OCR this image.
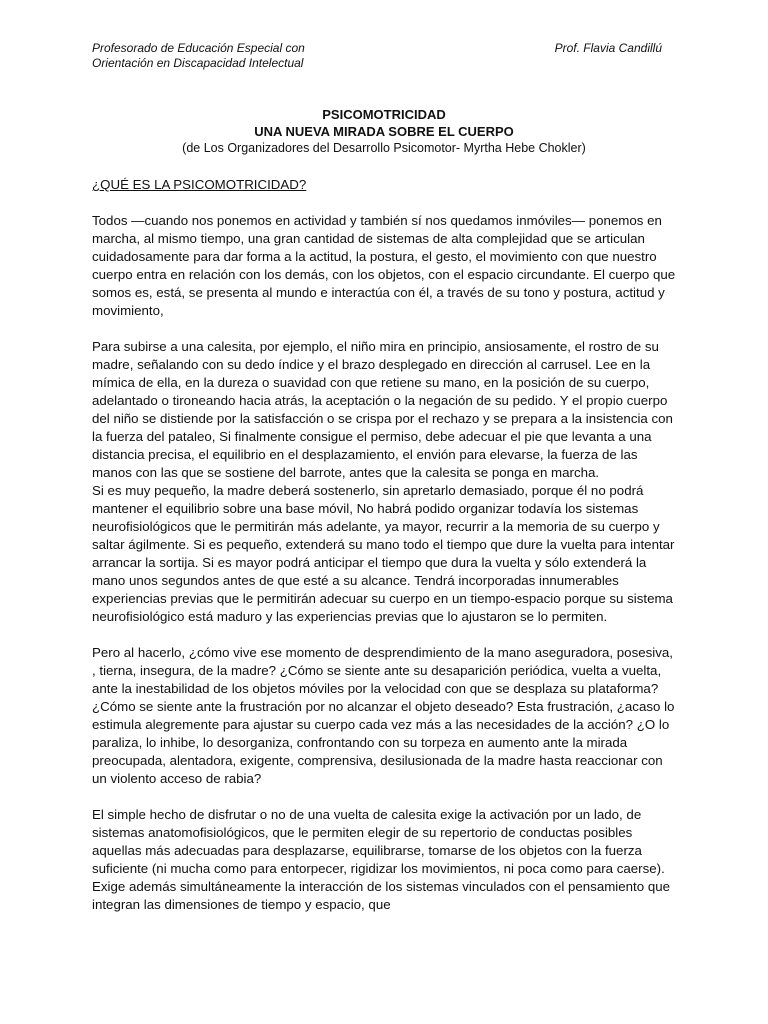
Profesorado de Educación Especial con
Orientación en Discapacidad Intelectual
Prof. Flavia Candillú
PSICOMOTRICIDAD
UNA NUEVA MIRADA SOBRE EL CUERPO
(de Los Organizadores del Desarrollo Psicomotor- Myrtha Hebe Chokler)
¿QUÉ ES LA PSICOMOTRICIDAD?

Todos —cuando nos ponemos en actividad y también sí nos quedamos inmóviles— ponemos en marcha, al mismo tiempo, una gran cantidad de sistemas de alta complejidad que se articulan cuidadosamente para dar forma a la actitud, la postura, el gesto, el movimiento con que nuestro cuerpo entra en relación con los demás, con los objetos, con el espacio circundante. El cuerpo que somos es, está, se presenta al mundo e interactúa con él, a través de su tono y postura, actitud y movimiento,

Para subirse a una calesita, por ejemplo, el niño mira en principio, ansiosamente, el rostro de su madre, señalando con su dedo índice y el brazo desplegado en dirección al carrusel. Lee en la mímica de ella, en la dureza o suavidad con que retiene su mano, en la posición de su cuerpo, adelantado o tironeando hacia atrás, la aceptación o la negación de su pedido. Y el propio cuerpo del niño se distiende por la satisfacción o se crispa por el rechazo y se prepara a la insistencia con la fuerza del pataleo, Si finalmente consigue el permiso, debe adecuar el pie que levanta a una distancia precisa, el equilibrio en el desplazamiento, el envión para elevarse, la fuerza de las manos con las que se sostiene del barrote, antes que la calesita se ponga en marcha.

Si es muy pequeño, la madre deberá sostenerlo, sin apretarlo demasiado, porque él no podrá mantener el equilibrio sobre una base móvil, No habrá podido organizar todavía los sistemas neurofisiológicos que le permitirán más adelante, ya mayor, recurrir a la memoria de su cuerpo y saltar ágilmente. Si es pequeño, extenderá su mano todo el tiempo que dure la vuelta para intentar arrancar la sortija. Si es mayor podrá anticipar el tiempo que dura la vuelta y sólo extenderá la mano unos segundos antes de que esté a su alcance. Tendrá incorporadas innumerables experiencias previas que le permitirán adecuar su cuerpo en un tiempo-espacio porque su sistema neurofisiológico está maduro y las experiencias previas que lo ajustaron se lo permiten.

Pero al hacerlo, ¿cómo vive ese momento de desprendimiento de la mano aseguradora, posesiva, , tierna, insegura, de la madre? ¿Cómo se siente ante su desaparición periódica, vuelta a vuelta, ante la inestabilidad de los objetos móviles por la velocidad con que se desplaza su plataforma? ¿Cómo se siente ante la frustración por no alcanzar el objeto deseado? Esta frustración, ¿acaso lo estimula alegremente para ajustar su cuerpo cada vez más a las necesidades de la acción? ¿O lo paraliza, lo inhibe, lo desorganiza, confrontando con su torpeza en aumento ante la mirada preocupada, alentadora, exigente, comprensiva, desilusionada de la madre hasta reaccionar con un violento acceso de rabia?

El simple hecho de disfrutar o no de una vuelta de calesita exige la activación por un lado, de sistemas anatomofisiológicos, que le permiten elegir de su repertorio de conductas posibles aquellas más adecuadas para desplazarse, equilibrarse, tomarse de los objetos con la fuerza suficiente (ni mucha como para entorpecer, rigidizar los movimientos, ni poca como para caerse). Exige además simultáneamente la interacción de los sistemas vinculados con el pensamiento que integran las dimensiones de tiempo y espacio, que
